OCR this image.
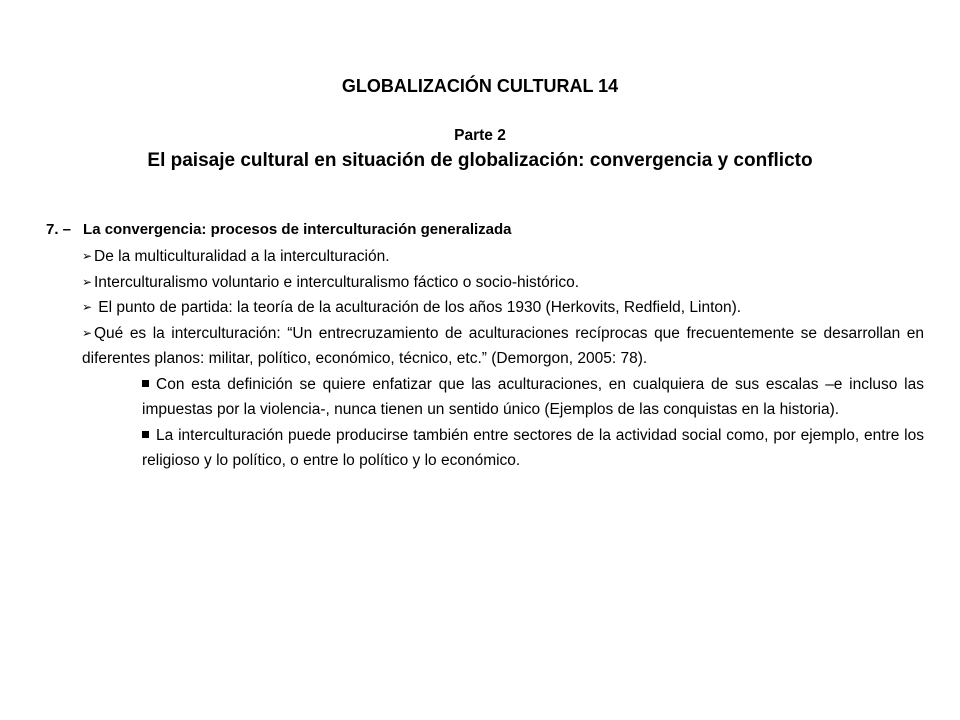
GLOBALIZACIÓN CULTURAL 14
Parte 2
El paisaje cultural en situación de globalización: convergencia y conflicto
7. – La convergencia: procesos de interculturación generalizada
➢ De la multiculturalidad a la interculturación.
➢ Interculturalismo voluntario e interculturalismo fáctico o socio-histórico.
➢ El punto de partida: la teoría de la aculturación de los años 1930 (Herkovits, Redfield, Linton).
➢ Qué es la interculturación: “Un entrecruzamiento de aculturaciones recíprocas que frecuentemente se desarrollan en diferentes planos: militar, político, económico, técnico, etc.” (Demorgon, 2005: 78).
Con esta definición se quiere enfatizar que las aculturaciones, en cualquiera de sus escalas –e incluso las impuestas por la violencia-, nunca tienen un sentido único (Ejemplos de las conquistas en la historia).
La interculturación puede producirse también entre sectores de la actividad social como, por ejemplo, entre los religioso y lo político, o entre lo político y lo económico.
